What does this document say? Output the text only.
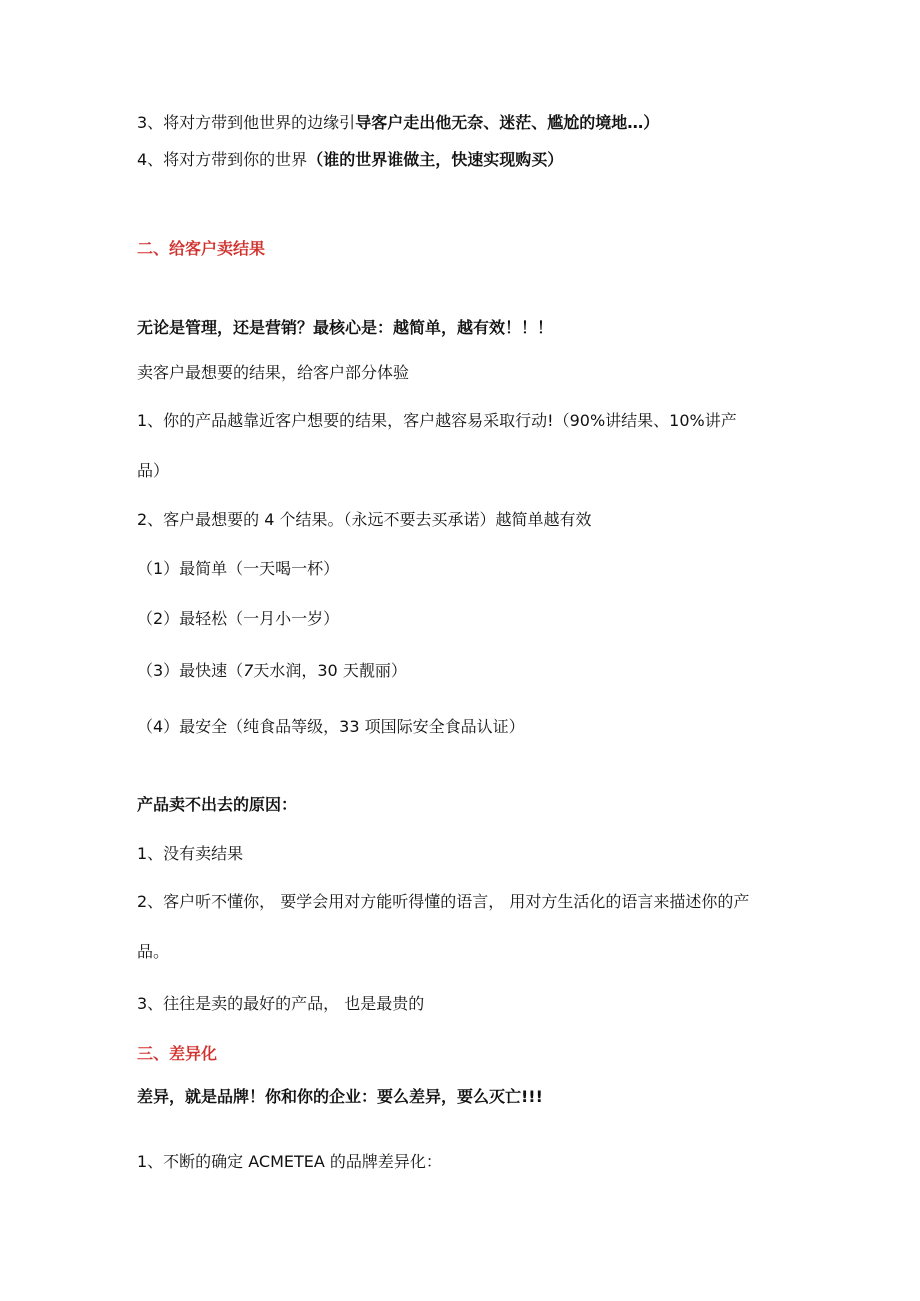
3、将对方带到他世界的边缘引导客户走出他无奈、迷茫、尴尬的境地…）
4、将对方带到你的世界（谁的世界谁做主，快速实现购买）
二、给客户卖结果
无论是管理，还是营销？最核心是：越简单，越有效！！！
卖客户最想要的结果，给客户部分体验
1、你的产品越靠近客户想要的结果，客户越容易采取行动!（90%讲结果、10%讲产
品）
2、客户最想要的 4 个结果。（永远不要去买承诺）越简单越有效
（1）最简单（一天喝一杯）
（2）最轻松（一月小一岁）
（3）最快速（7天水润，30 天靓丽）
（4）最安全（纯食品等级，33 项国际安全食品认证）
产品卖不出去的原因：
1、没有卖结果
2、客户听不懂你， 要学会用对方能听得懂的语言， 用对方生活化的语言来描述你的产
品。
3、往往是卖的最好的产品， 也是最贵的
三、差异化
差异，就是品牌！你和你的企业：要么差异，要么灭亡!!!
1、不断的确定 ACMETEA 的品牌差异化：
